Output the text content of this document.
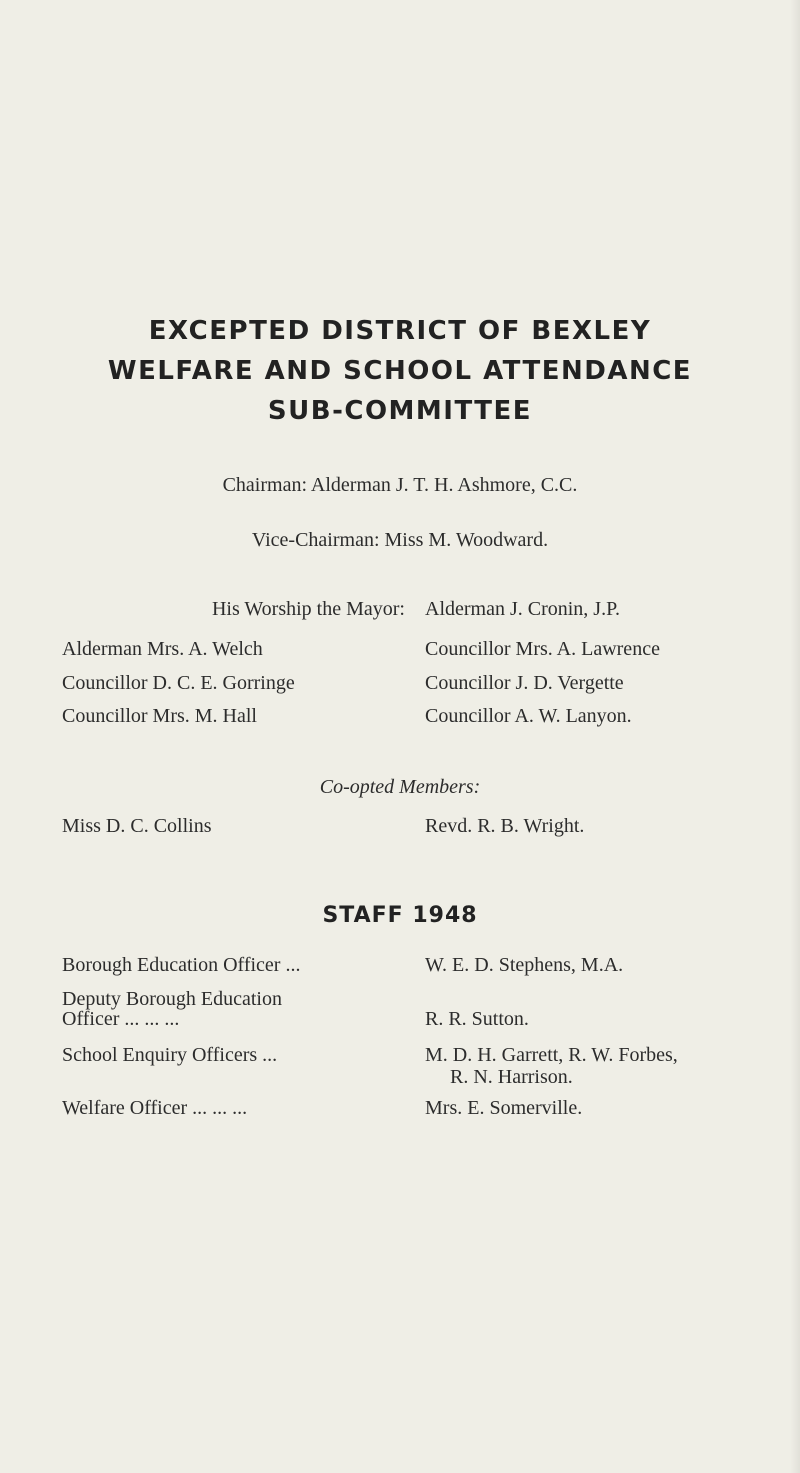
EXCEPTED DISTRICT OF BEXLEY
WELFARE AND SCHOOL ATTENDANCE
SUB-COMMITTEE
Chairman: Alderman J. T. H. Ashmore, C.C.
Vice-Chairman: Miss M. Woodward.
His Worship the Mayor: Alderman J. Cronin, J.P.
Alderman Mrs. A. Welch	Councillor Mrs. A. Lawrence
Councillor D. C. E. Gorringe	Councillor J. D. Vergette
Councillor Mrs. M. Hall	Councillor A. W. Lanyon.
Co-opted Members:
Miss D. C. Collins	Revd. R. B. Wright.
STAFF 1948
Borough Education Officer ...	W. E. D. Stephens, M.A.
Deputy Borough Education
Officer ... ... ...	R. R. Sutton.
School Enquiry Officers ...	M. D. H. Garrett, R. W. Forbes,
R. N. Harrison.
Welfare Officer ... ... ...	Mrs. E. Somerville.
